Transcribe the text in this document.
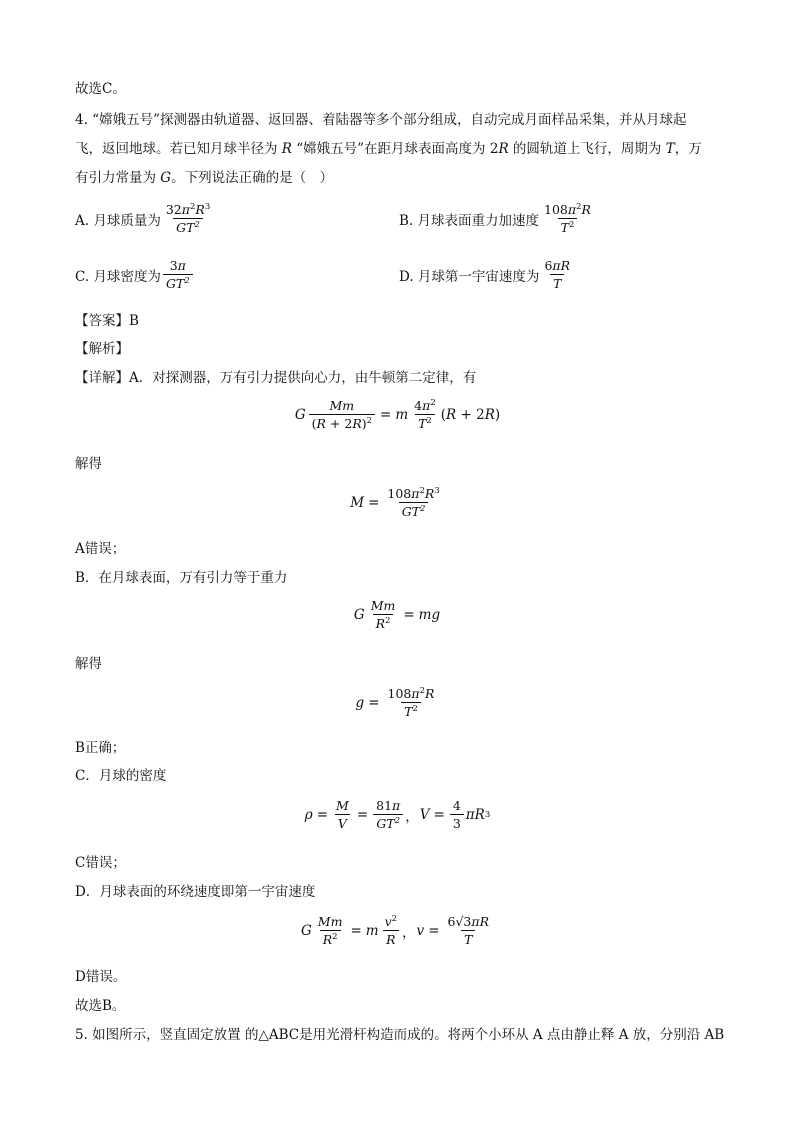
故选C。
4. “嫦娥五号”探测器由轨道器、返回器、着陆器等多个部分组成，自动完成月面样品采集，并从月球起
飞，返回地球。若已知月球半径为 R “嫦娥五号”在距月球表面高度为 2R 的圆轨道上飞行，周期为 T，万
有引力常量为 G。下列说法正确的是（　）
A. 月球质量为 $\frac{32\pi^2R^3}{GT^2}$	B. 月球表面重力加速度 $\frac{108\pi^2R}{T^2}$
C. 月球密度为 $\frac{3\pi}{GT^2}$	D. 月球第一宇宙速度为 $\frac{6\pi R}{T}$
【答案】B
【解析】
【详解】A．对探测器，万有引力提供向心力，由牛顿第二定律，有
G $\frac{Mm}{(R + 2R)^2} = m \frac{4\pi^2}{T^2} (R + 2R)$
解得
$M = \frac{108\pi^2R^3}{GT^2}$
A错误；
B．在月球表面，万有引力等于重力
G $\frac{Mm}{R^2}$ = mg
解得
$g = \frac{108\pi^2R}{T^2}$
B正确；
C．月球的密度
$\rho = \frac{M}{V} = \frac{81\pi}{GT^2}$ ， $V = \frac{4}{3}$ πR 3
C错误；
D．月球表面的环绕速度即第一宇宙速度
G $\frac{Mm}{R^2} = m \frac{v^2}{R}$ ， $v = \frac{6√3\pi R}{T}$
D错误。
故选B。
5. 如图所示，竖直固定放置 的△ABC是用光滑杆构造而成的。将两个小环从 A 点由静止释 A 放，分别沿 AB
